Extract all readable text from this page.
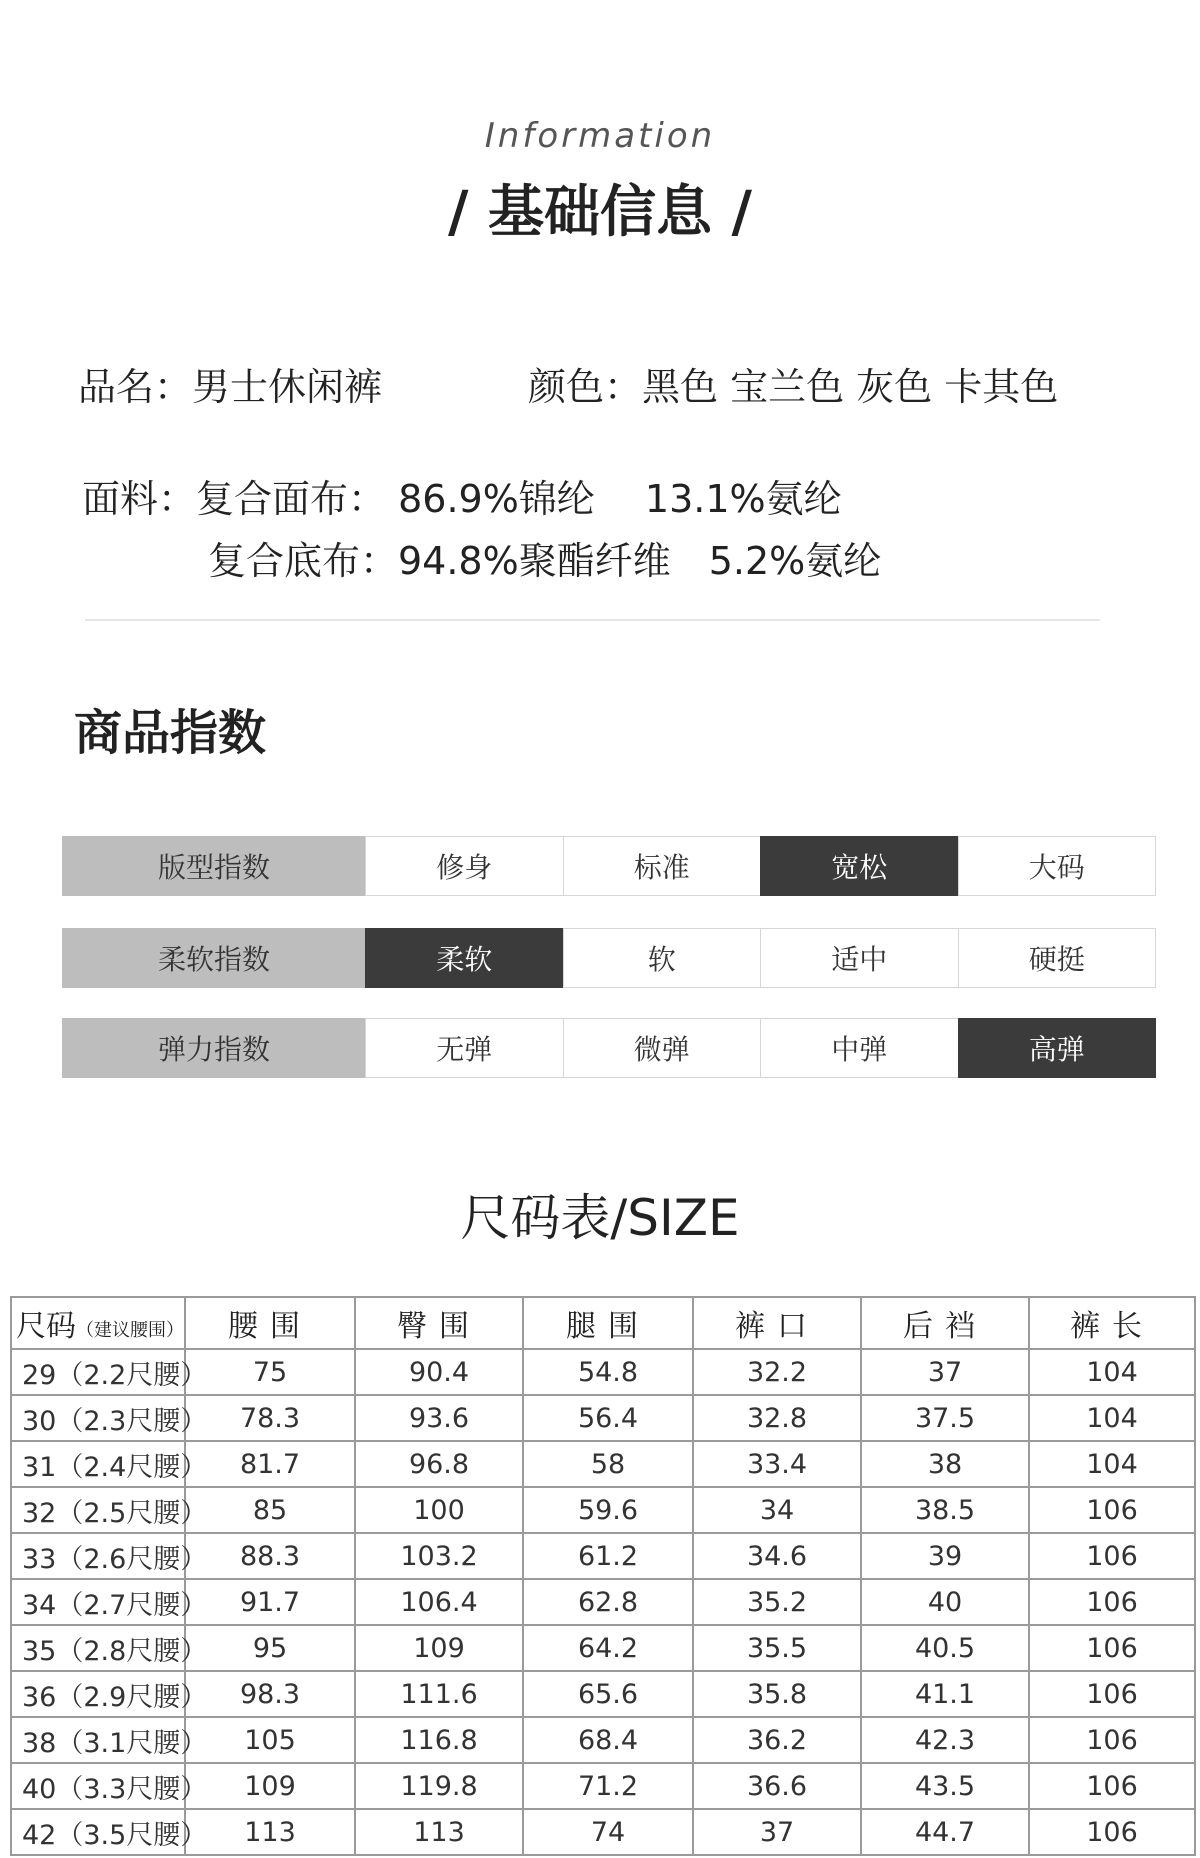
Information
/ 基础信息 /
品名：男士休闲裤	颜色：黑色 宝兰色 灰色 卡其色
面料：复合面布： 86.9%锦纶　 13.1%氨纶
复合底布：94.8%聚酯纤维　5.2%氨纶
商品指数
版型指数	修身	标准	宽松	大码
柔软指数	柔软	软	适中	硬挺
弹力指数	无弹	微弹	中弹	高弹
尺码表/SIZE
尺码（建议腰围）	腰围	臀围	腿围	裤口	后裆	裤长
29（2.2尺腰）	75	90.4	54.8	32.2	37	104
30（2.3尺腰）	78.3	93.6	56.4	32.8	37.5	104
31（2.4尺腰）	81.7	96.8	58	33.4	38	104
32（2.5尺腰）	85	100	59.6	34	38.5	106
33（2.6尺腰）	88.3	103.2	61.2	34.6	39	106
34（2.7尺腰）	91.7	106.4	62.8	35.2	40	106
35（2.8尺腰）	95	109	64.2	35.5	40.5	106
36（2.9尺腰）	98.3	111.6	65.6	35.8	41.1	106
38（3.1尺腰）	105	116.8	68.4	36.2	42.3	106
40（3.3尺腰）	109	119.8	71.2	36.6	43.5	106
42（3.5尺腰）	113	113	74	37	44.7	106
